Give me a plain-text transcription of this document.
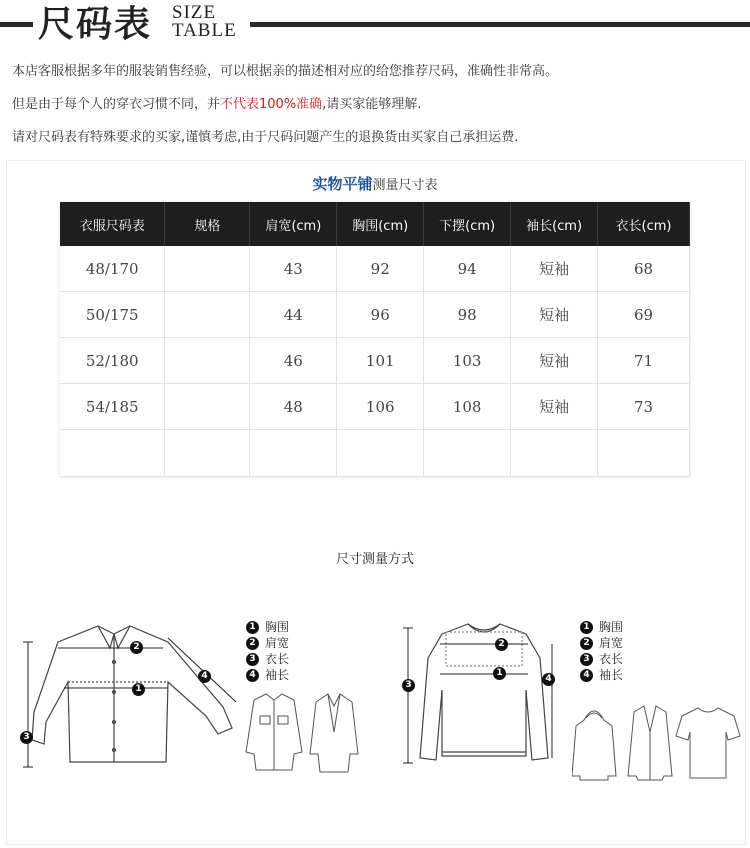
尺码表 SIZE
TABLE

本店客服根据多年的服装销售经验，可以根据亲的描述相对应的给您推荐尺码，准确性非常高。

但是由于每个人的穿衣习惯不同，并不代表100%准确,请买家能够理解.

请对尺码表有特殊要求的买家,谨慎考虑,由于尺码问题产生的退换货由买家自己承担运费.

实物平铺测量尺寸表
衣服尺码表	规格	肩宽(cm)	胸围(cm)	下摆(cm)	袖长(cm)	衣长(cm)
48/170		43	92	94	短袖	68
50/175		44	96	98	短袖	69
52/180		46	101	103	短袖	71
54/185		48	106	108	短袖	73

尺寸测量方式
3
2
1
4
1 胸围
2 肩宽
3 衣长
4 袖长
3
2
1
4
1 胸围
2 肩宽
3 衣长
4 袖长
